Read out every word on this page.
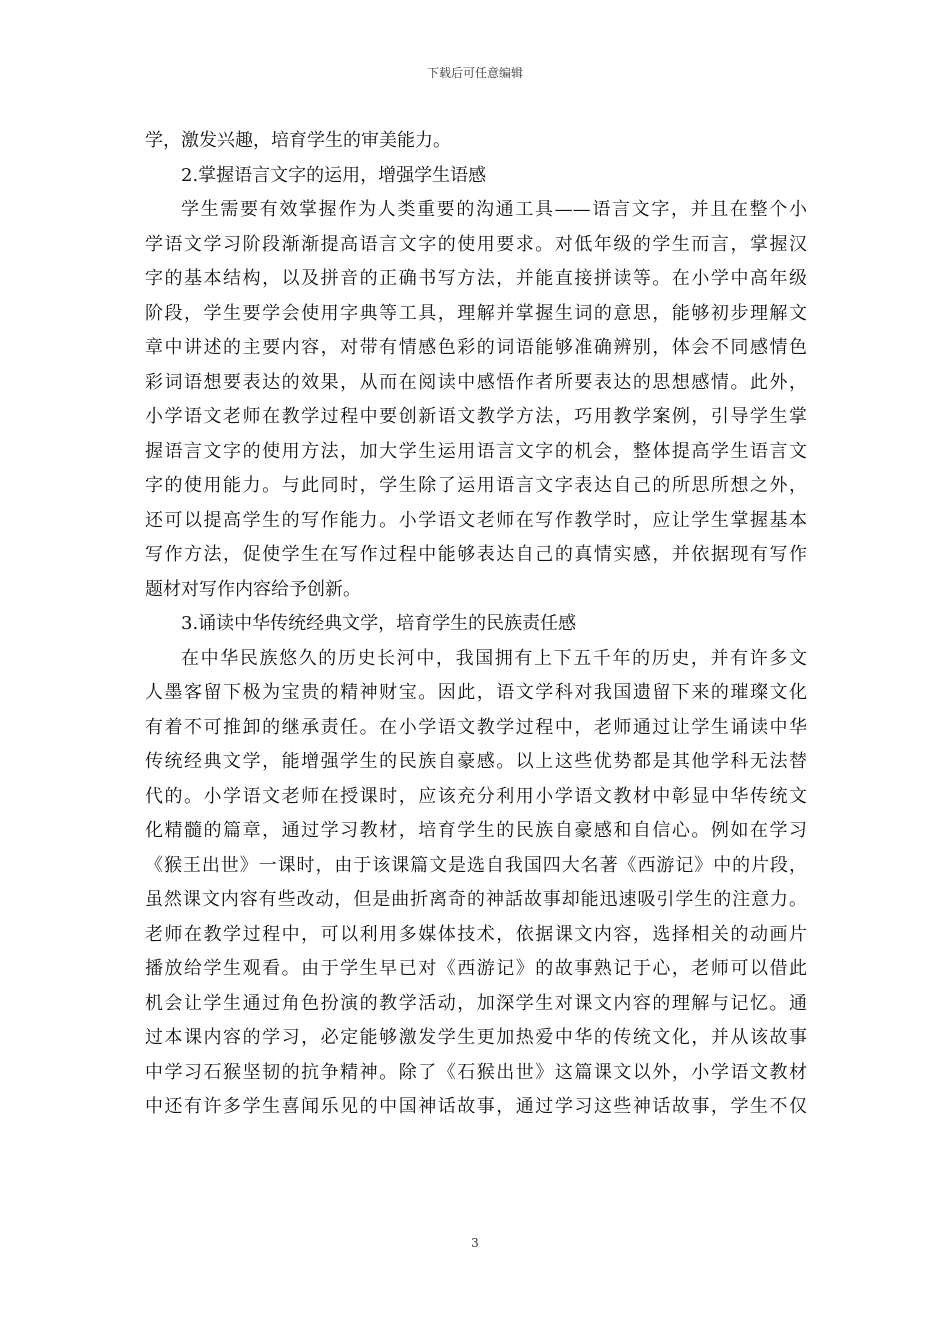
下载后可任意编辑
学，激发兴趣，培育学生的审美能力。
2.掌握语言文字的运用，增强学生语感
学生需要有效掌握作为人类重要的沟通工具——语言文字，并且在整个小
学语文学习阶段渐渐提高语言文字的使用要求。对低年级的学生而言，掌握汉
字的基本结构，以及拼音的正确书写方法，并能直接拼读等。在小学中高年级
阶段，学生要学会使用字典等工具，理解并掌握生词的意思，能够初步理解文
章中讲述的主要内容，对带有情感色彩的词语能够准确辨别，体会不同感情色
彩词语想要表达的效果，从而在阅读中感悟作者所要表达的思想感情。此外，
小学语文老师在教学过程中要创新语文教学方法，巧用教学案例，引导学生掌
握语言文字的使用方法，加大学生运用语言文字的机会，整体提高学生语言文
字的使用能力。与此同时，学生除了运用语言文字表达自己的所思所想之外，
还可以提高学生的写作能力。小学语文老师在写作教学时，应让学生掌握基本
写作方法，促使学生在写作过程中能够表达自己的真情实感，并依据现有写作
题材对写作内容给予创新。
3.诵读中华传统经典文学，培育学生的民族责任感
在中华民族悠久的历史长河中，我国拥有上下五千年的历史，并有许多文
人墨客留下极为宝贵的精神财宝。因此，语文学科对我国遗留下来的璀璨文化
有着不可推卸的继承责任。在小学语文教学过程中，老师通过让学生诵读中华
传统经典文学，能增强学生的民族自豪感。以上这些优势都是其他学科无法替
代的。小学语文老师在授课时，应该充分利用小学语文教材中彰显中华传统文
化精髓的篇章，通过学习教材，培育学生的民族自豪感和自信心。例如在学习
《猴王出世》一课时，由于该课篇文是选自我国四大名著《西游记》中的片段，
虽然课文内容有些改动，但是曲折离奇的神話故事却能迅速吸引学生的注意力。
老师在教学过程中，可以利用多媒体技术，依据课文内容，选择相关的动画片
播放给学生观看。由于学生早已对《西游记》的故事熟记于心，老师可以借此
机会让学生通过角色扮演的教学活动，加深学生对课文内容的理解与记忆。通
过本课内容的学习，必定能够激发学生更加热爱中华的传统文化，并从该故事
中学习石猴坚韧的抗争精神。除了《石猴出世》这篇课文以外，小学语文教材
中还有许多学生喜闻乐见的中国神话故事，通过学习这些神话故事，学生不仅
3
